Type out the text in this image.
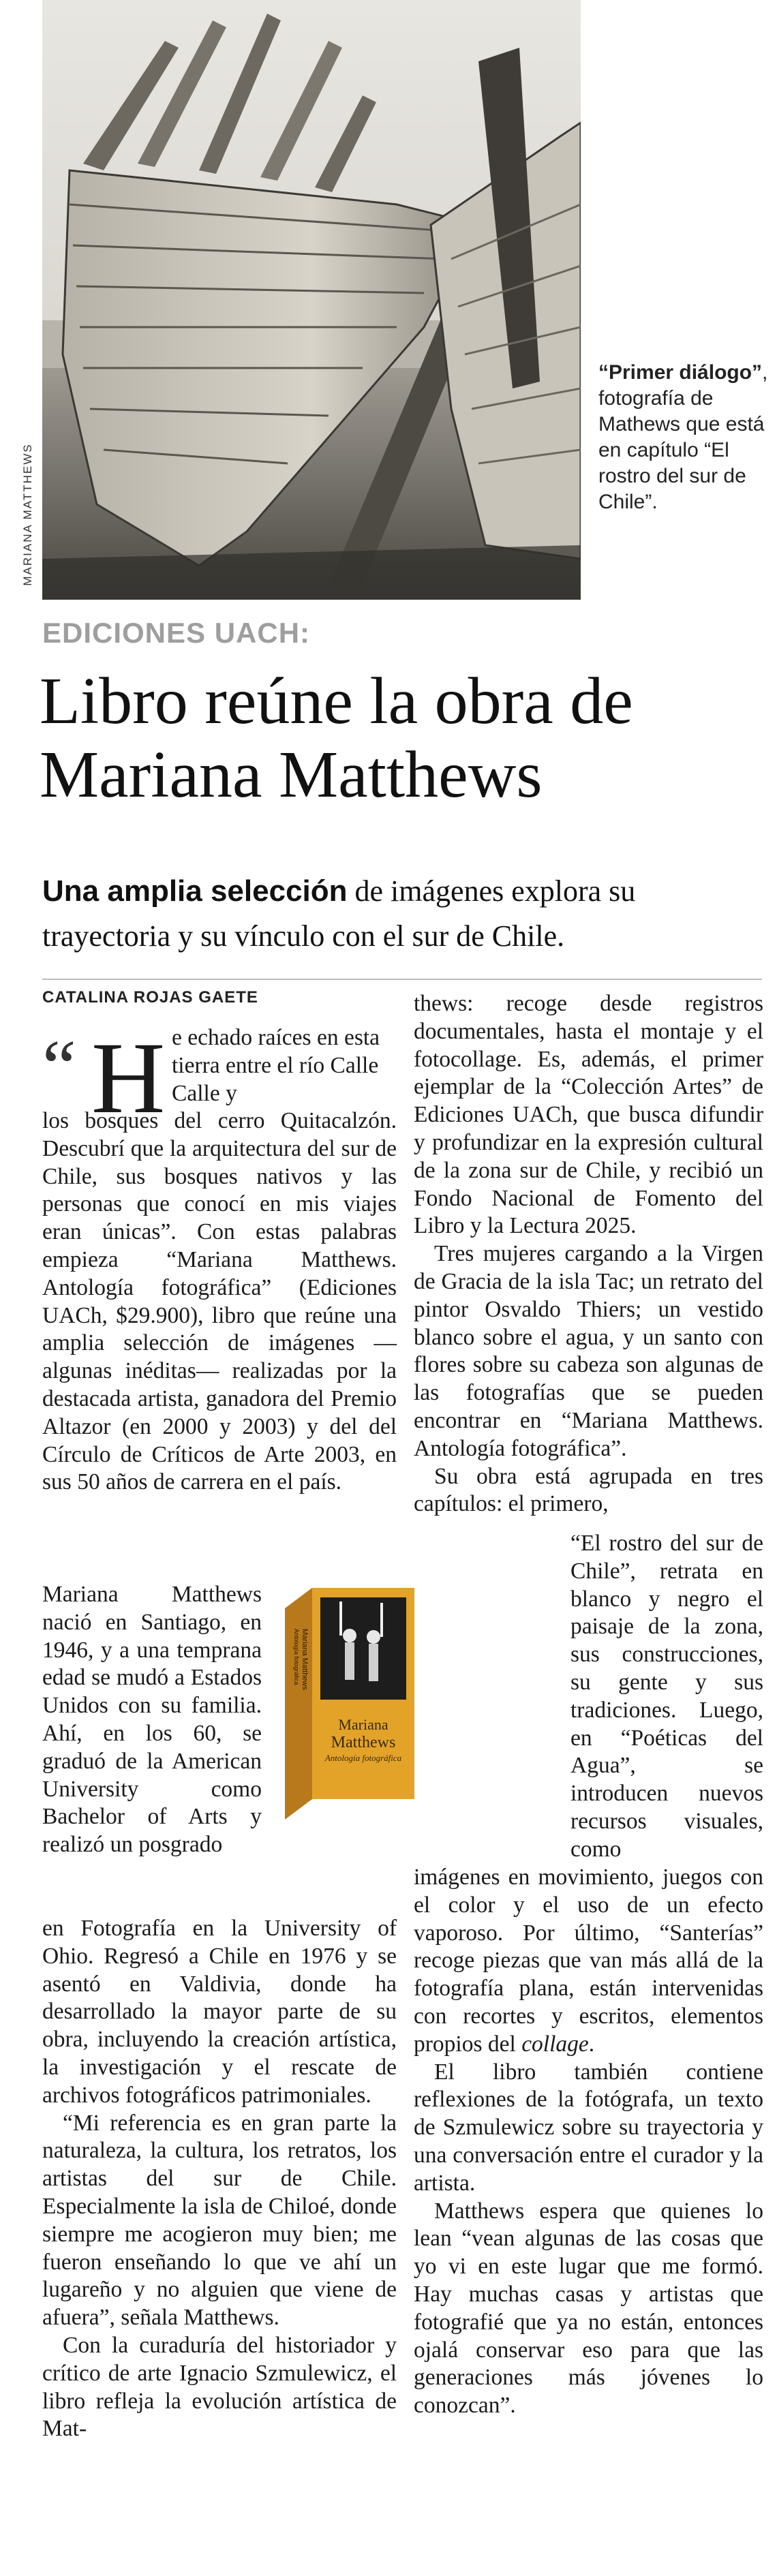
MARIANA MATTHEWS
“Primer diálogo”, fotografía de Mathews que está en capítulo “El rostro del sur de Chile”.
EDICIONES UACH:
Libro reúne la obra de Mariana Matthews

Una amplia selección de imágenes explora su trayectoria y su vínculo con el sur de Chile.

CATALINA ROJAS GAETE
“ H e echado raíces en esta tierra entre el río Calle Calle y

los bosques del cerro Quitacalzón. Descubrí que la arquitectura del sur de Chile, sus bosques nativos y las personas que conocí en mis viajes eran únicas”. Con estas palabras empieza “Mariana Matthews. Antología fotográfica” (Ediciones UACh, $29.900), libro que reúne una amplia selección de imágenes —algunas inéditas— realizadas por la destacada artista, ganadora del Premio Altazor (en 2000 y 2003) y del del Círculo de Críticos de Arte 2003, en sus 50 años de carrera en el país.

Mariana Matthews nació en Santiago, en 1946, y a una temprana edad se mudó a Estados Unidos con su familia. Ahí, en los 60, se graduó de la American University como Bachelor of Arts y realizó un posgrado

Mariana
Matthews
Antología fotográfica
Mariana Matthews
Antología fotográfica

en Fotografía en la University of Ohio. Regresó a Chile en 1976 y se asentó en Valdivia, donde ha desarrollado la mayor parte de su obra, incluyendo la creación artística, la investigación y el rescate de archivos fotográficos patrimoniales.

“Mi referencia es en gran parte la naturaleza, la cultura, los retratos, los artistas del sur de Chile. Especialmente la isla de Chiloé, donde siempre me acogieron muy bien; me fueron enseñando lo que ve ahí un lugareño y no alguien que viene de afuera”, señala Matthews.

Con la curaduría del historiador y crítico de arte Ignacio Szmulewicz, el libro refleja la evolución artística de Mat-

thews: recoge desde registros documentales, hasta el montaje y el fotocollage. Es, además, el primer ejemplar de la “Colección Artes” de Ediciones UACh, que busca difundir y profundizar en la expresión cultural de la zona sur de Chile, y recibió un Fondo Nacional de Fomento del Libro y la Lectura 2025.

Tres mujeres cargando a la Virgen de Gracia de la isla Tac; un retrato del pintor Osvaldo Thiers; un vestido blanco sobre el agua, y un santo con flores sobre su cabeza son algunas de las fotografías que se pueden encontrar en “Mariana Matthews. Antología fotográfica”.

Su obra está agrupada en tres capítulos: el primero,

“El rostro del sur de Chile”, retrata en blanco y negro el paisaje de la zona, sus construcciones, su gente y sus tradiciones. Luego, en “Poéticas del Agua”, se introducen nuevos recursos visuales, como

imágenes en movimiento, juegos con el color y el uso de un efecto vaporoso. Por último, “Santerías” recoge piezas que van más allá de la fotografía plana, están intervenidas con recortes y escritos, elementos propios del collage.

El libro también contiene reflexiones de la fotógrafa, un texto de Szmulewicz sobre su trayectoria y una conversación entre el curador y la artista.

Matthews espera que quienes lo lean “vean algunas de las cosas que yo vi en este lugar que me formó. Hay muchas casas y artistas que fotografié que ya no están, entonces ojalá conservar eso para que las generaciones más jóvenes lo conozcan”.
